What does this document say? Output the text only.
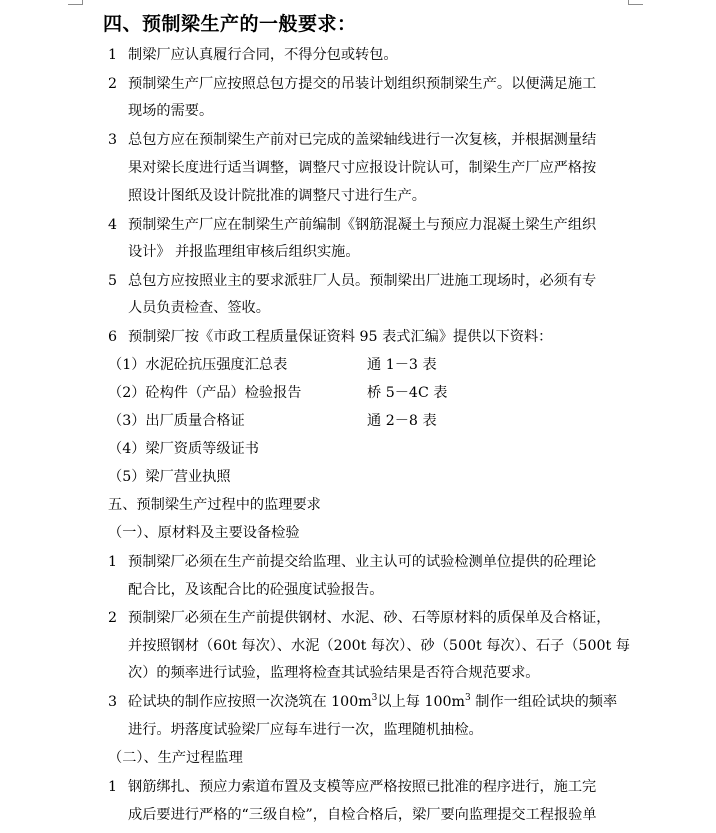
四、预制梁生产的一般要求：
1 制梁厂应认真履行合同，不得分包或转包。
2 预制梁生产厂应按照总包方提交的吊装计划组织预制梁生产。以便满足施工
现场的需要。
3 总包方应在预制梁生产前对已完成的盖梁轴线进行一次复核，并根据测量结
果对梁长度进行适当调整，调整尺寸应报设计院认可，制梁生产厂应严格按
照设计图纸及设计院批准的调整尺寸进行生产。
4 预制梁生产厂应在制梁生产前编制《钢筋混凝土与预应力混凝土梁生产组织
设计》 并报监理组审核后组织实施。
5 总包方应按照业主的要求派驻厂人员。预制梁出厂进施工现场时，必须有专
人员负责检查、签收。
6 预制梁厂按《市政工程质量保证资料 95 表式汇编》提供以下资料：
（1）水泥砼抗压强度汇总表	通 1－3 表
（2）砼构件（产品）检验报告	桥 5－4C 表
（3）出厂质量合格证	通 2－8 表
（4）梁厂资质等级证书
（5）梁厂营业执照
五、预制梁生产过程中的监理要求
（一）、原材料及主要设备检验
1 预制梁厂必须在生产前提交给监理、业主认可的试验检测单位提供的砼理论
配合比，及该配合比的砼强度试验报告。
2 预制梁厂必须在生产前提供钢材、水泥、砂、石等原材料的质保单及合格证，
并按照钢材（60t 每次）、水泥（200t 每次）、砂（500t 每次）、石子（500t 每
次）的频率进行试验，监理将检查其试验结果是否符合规范要求。
3 砼试块的制作应按照一次浇筑在 $100m^3$以上每 $100m^3$ 制作一组砼试块的频率
进行。坍落度试验梁厂应每车进行一次，监理随机抽检。
（二）、生产过程监理
1 钢筋绑扎、预应力索道布置及支模等应严格按照已批准的程序进行，施工完
成后要进行严格的“三级自检”，自检合格后，梁厂要向监理提交工程报验单
